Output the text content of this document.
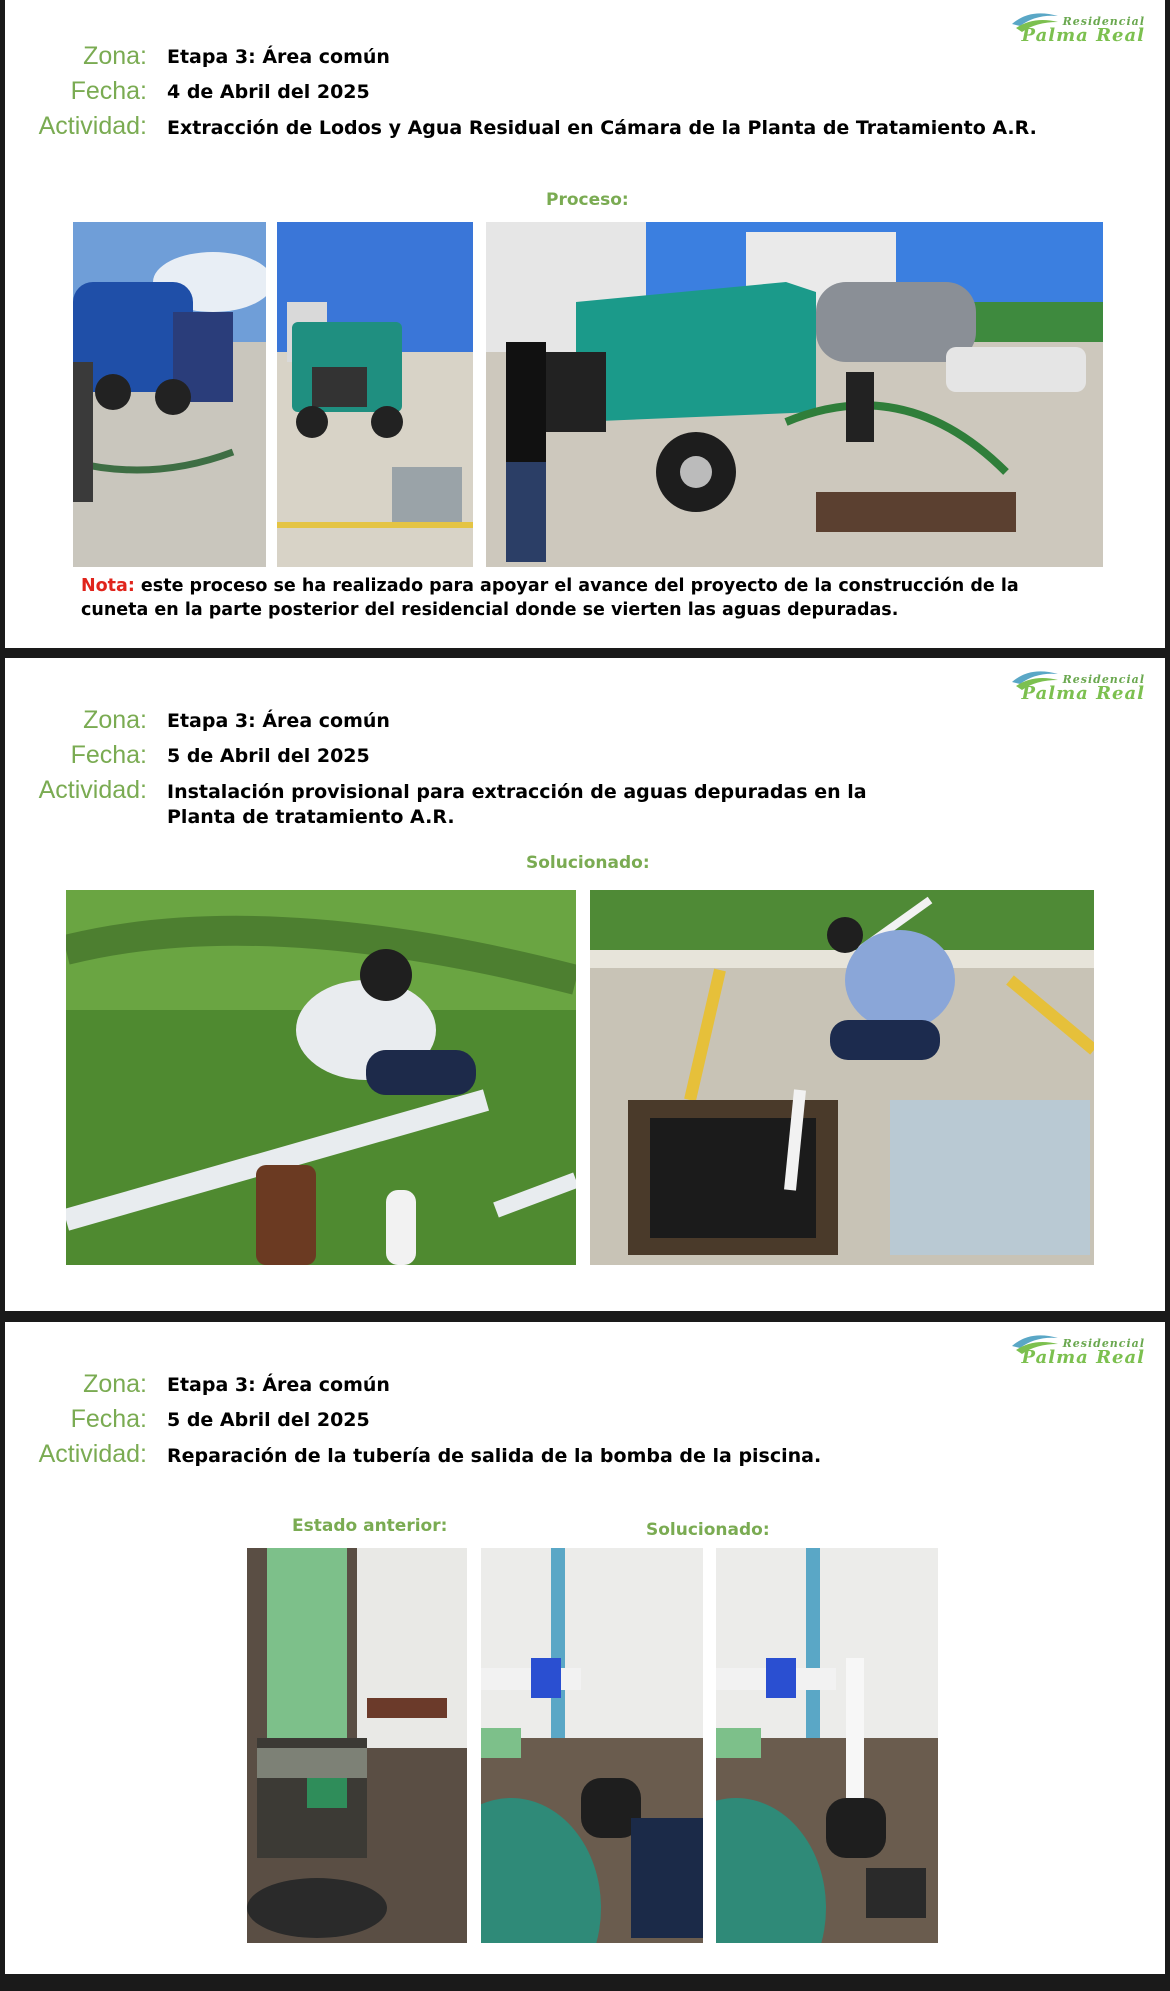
Residencial
Palma Real
Zona: Etapa 3: Área común
Fecha: 4 de Abril del 2025
Actividad: Extracción de Lodos y Agua Residual en Cámara de la Planta de Tratamiento A.R.
Proceso:
Nota: este proceso se ha realizado para apoyar el avance del proyecto de la construcción de la cuneta en la parte posterior del residencial donde se vierten las aguas depuradas.
Residencial
Palma Real
Zona: Etapa 3: Área común
Fecha: 5 de Abril del 2025
Actividad: Instalación provisional para extracción de aguas depuradas en la Planta de tratamiento A.R.
Solucionado:
Residencial
Palma Real
Zona: Etapa 3: Área común
Fecha: 5 de Abril del 2025
Actividad: Reparación de la tubería de salida de la bomba de la piscina.
Estado anterior:	Solucionado:
